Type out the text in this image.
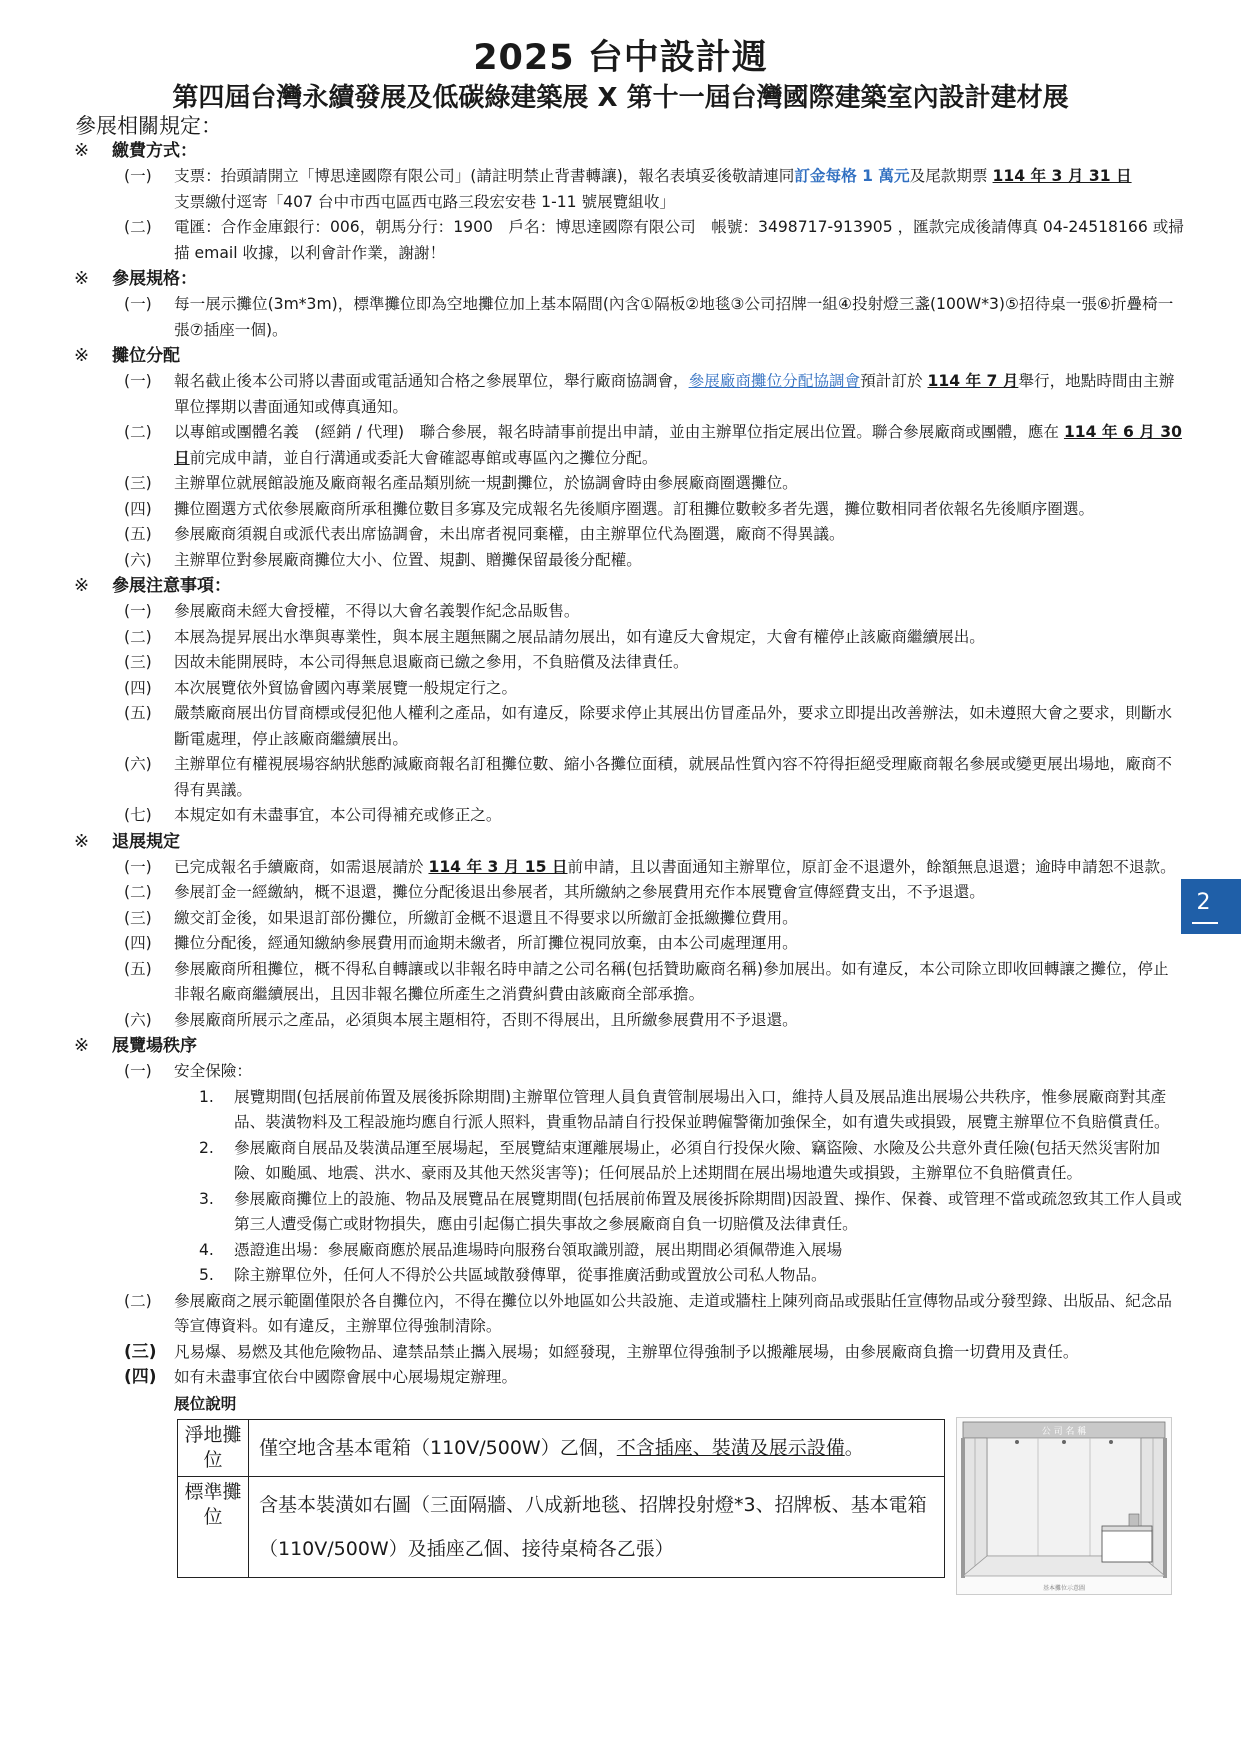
2025 台中設計週
第四屆台灣永續發展及低碳綠建築展 X 第十一屆台灣國際建築室內設計建材展
參展相關規定：
※ 繳費方式：
(一) 支票：抬頭請開立「博思達國際有限公司」(請註明禁止背書轉讓)，報名表填妥後敬請連同訂金每格 1 萬元及尾款期票 114 年 3 月 31 日
支票繳付逕寄「407 台中市西屯區西屯路三段宏安巷 1-11 號展覽組收」
(二) 電匯：合作金庫銀行：006，朝馬分行：1900　戶名：博思達國際有限公司　帳號：3498717-913905 ，匯款完成後請傳真 04-24518166 或掃描 email 收據，以利會計作業，謝謝！
※ 參展規格：
(一) 每一展示攤位(3m*3m)，標準攤位即為空地攤位加上基本隔間(內含①隔板②地毯③公司招牌一組④投射燈三盞(100W*3)⑤招待桌一張⑥折疊椅一張⑦插座一個)。
※ 攤位分配
(一) 報名截止後本公司將以書面或電話通知合格之參展單位，舉行廠商協調會，參展廠商攤位分配協調會預計訂於 114 年 7 月舉行，地點時間由主辦單位擇期以書面通知或傳真通知。
(二) 以專館或團體名義　(經銷 / 代理)　聯合參展，報名時請事前提出申請，並由主辦單位指定展出位置。聯合參展廠商或團體，應在 114 年 6 月 30 日前完成申請，並自行溝通或委託大會確認專館或專區內之攤位分配。
(三) 主辦單位就展館設施及廠商報名產品類別統一規劃攤位，於協調會時由參展廠商圈選攤位。
(四) 攤位圈選方式依參展廠商所承租攤位數目多寡及完成報名先後順序圈選。訂租攤位數較多者先選，攤位數相同者依報名先後順序圈選。
(五) 參展廠商須親自或派代表出席協調會，未出席者視同棄權，由主辦單位代為圈選，廠商不得異議。
(六) 主辦單位對參展廠商攤位大小、位置、規劃、贈攤保留最後分配權。
※ 參展注意事項：
(一) 參展廠商未經大會授權，不得以大會名義製作紀念品販售。
(二) 本展為提昇展出水準與專業性，與本展主題無關之展品請勿展出，如有違反大會規定，大會有權停止該廠商繼續展出。
(三) 因故未能開展時，本公司得無息退廠商已繳之參用，不負賠償及法律責任。
(四) 本次展覽依外貿協會國內專業展覽一般規定行之。
(五) 嚴禁廠商展出仿冒商標或侵犯他人權利之產品，如有違反，除要求停止其展出仿冒產品外，要求立即提出改善辦法，如未遵照大會之要求，則斷水斷電處理，停止該廠商繼續展出。
(六) 主辦單位有權視展場容納狀態酌減廠商報名訂租攤位數、縮小各攤位面積，就展品性質內容不符得拒絕受理廠商報名參展或變更展出場地，廠商不得有異議。
(七) 本規定如有未盡事宜，本公司得補充或修正之。
※ 退展規定
(一) 已完成報名手續廠商，如需退展請於 114 年 3 月 15 日前申請，且以書面通知主辦單位，原訂金不退還外，餘額無息退還；逾時申請恕不退款。
(二) 參展訂金一經繳納，概不退還，攤位分配後退出參展者，其所繳納之參展費用充作本展覽會宣傳經費支出，不予退還。
(三) 繳交訂金後，如果退訂部份攤位，所繳訂金概不退還且不得要求以所繳訂金抵繳攤位費用。
(四) 攤位分配後，經通知繳納參展費用而逾期未繳者，所訂攤位視同放棄，由本公司處理運用。
(五) 參展廠商所租攤位，概不得私自轉讓或以非報名時申請之公司名稱(包括贊助廠商名稱)參加展出。如有違反，本公司除立即收回轉讓之攤位，停止非報名廠商繼續展出，且因非報名攤位所產生之消費糾費由該廠商全部承擔。
(六) 參展廠商所展示之產品，必須與本展主題相符，否則不得展出，且所繳參展費用不予退還。
※ 展覽場秩序
(一) 安全保險：
1. 展覽期間(包括展前佈置及展後拆除期間)主辦單位管理人員負責管制展場出入口，維持人員及展品進出展場公共秩序，惟參展廠商對其產品、裝潢物料及工程設施均應自行派人照料，貴重物品請自行投保並聘僱警衛加強保全，如有遺失或損毀，展覽主辦單位不負賠償責任。
2. 參展廠商自展品及裝潢品運至展場起，至展覽結束運離展場止，必須自行投保火險、竊盜險、水險及公共意外責任險(包括天然災害附加險、如颱風、地震、洪水、豪雨及其他天然災害等)；任何展品於上述期間在展出場地遺失或損毀，主辦單位不負賠償責任。
3. 參展廠商攤位上的設施、物品及展覽品在展覽期間(包括展前佈置及展後拆除期間)因設置、操作、保養、或管理不當或疏忽致其工作人員或第三人遭受傷亡或財物損失，應由引起傷亡損失事故之參展廠商自負一切賠償及法律責任。
4. 憑證進出場：參展廠商應於展品進場時向服務台領取識別證，展出期間必須佩帶進入展場
5. 除主辦單位外，任何人不得於公共區域散發傳單，從事推廣活動或置放公司私人物品。
(二) 參展廠商之展示範圍僅限於各自攤位內，不得在攤位以外地區如公共設施、走道或牆柱上陳列商品或張貼任宣傳物品或分發型錄、出版品、紀念品等宣傳資料。如有違反，主辦單位得強制清除。
(三) 凡易爆、易燃及其他危險物品、違禁品禁止攜入展場；如經發現，主辦單位得強制予以搬離展場，由參展廠商負擔一切費用及責任。
(四) 如有未盡事宜依台中國際會展中心展場規定辦理。
展位說明
淨地攤位	僅空地含基本電箱（110V/500W）乙個，不含插座、裝潢及展示設備。
標準攤位	含基本裝潢如右圖（三面隔牆、八成新地毯、招牌投射燈*3、招牌板、基本電箱（110V/500W）及插座乙個、接待桌椅各乙張）
公 司 名 稱
基本攤位示意圖
2
